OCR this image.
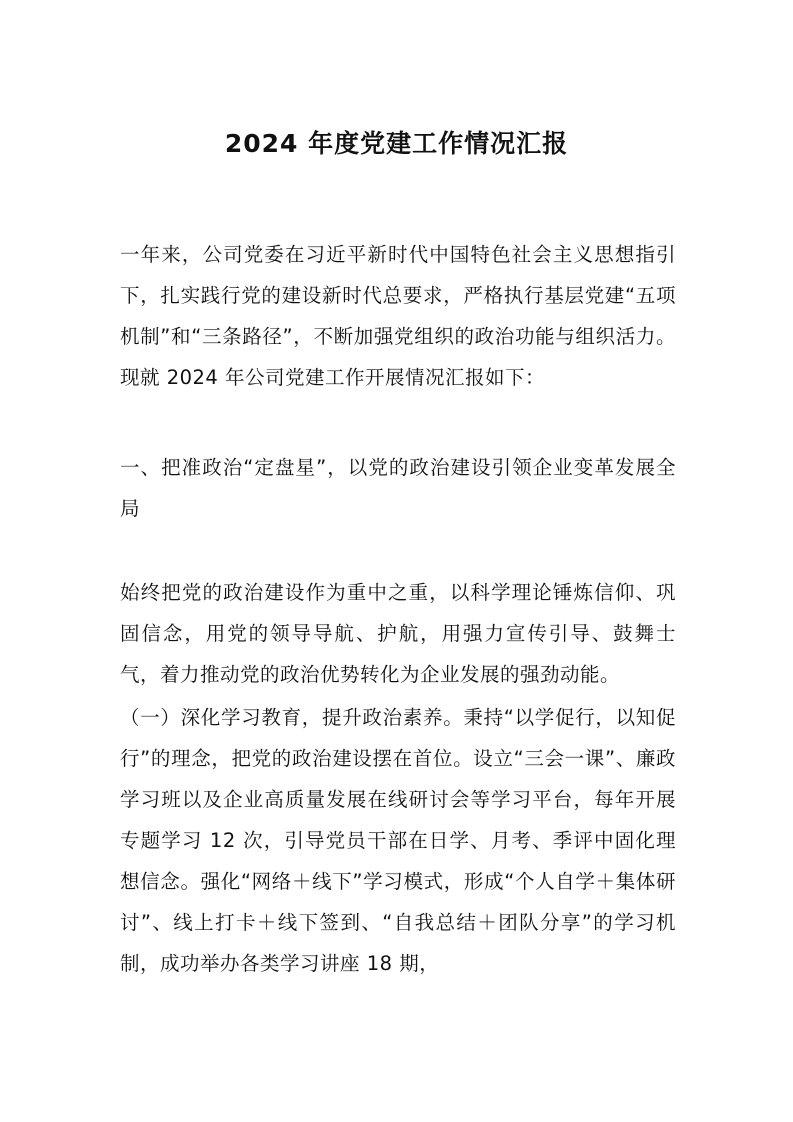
2024 年度党建工作情况汇报
一年来，公司党委在习近平新时代中国特色社会主义思想指引下，扎实践行党的建设新时代总要求，严格执行基层党建“五项机制”和“三条路径”，不断加强党组织的政治功能与组织活力。现就 2024 年公司党建工作开展情况汇报如下：
一、把准政治“定盘星”，以党的政治建设引领企业变革发展全局
始终把党的政治建设作为重中之重，以科学理论锤炼信仰、巩固信念，用党的领导导航、护航，用强力宣传引导、鼓舞士气，着力推动党的政治优势转化为企业发展的强劲动能。
（一）深化学习教育，提升政治素养。秉持“以学促行，以知促行”的理念，把党的政治建设摆在首位。设立“三会一课”、廉政学习班以及企业高质量发展在线研讨会等学习平台，每年开展专题学习 12 次，引导党员干部在日学、月考、季评中固化理想信念。强化“网络＋线下”学习模式，形成“个人自学＋集体研讨”、线上打卡＋线下签到、“自我总结＋团队分享”的学习机制，成功举办各类学习讲座 18 期，
